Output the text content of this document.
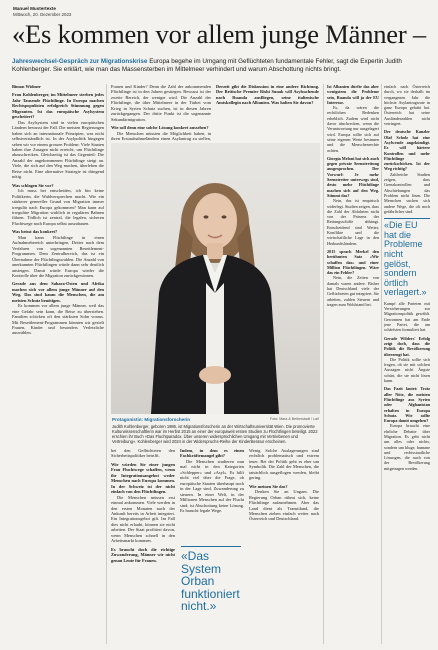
Manuel Mustertexte
Mittwoch, 20. Dezember 2023
«Es kommen vor allem junge Männer –
Jahreswechsel-Gespräch zur Migrationskrise Europa begehe im Umgang mit Geflüchteten fundamentale Fehler, sagt die Expertin Judith Kohlenberger. Sie erklärt, wie man das Massensterben im Mittelmeer verhindert und warum Abschottung nichts bringt.
Bimon Widmer

Frau Kohlenberger, im Mittelmeer sterben jedes Jahr Tausende Flüchtlinge. In Europa machen Rechtspopulisten erfolgreich Stimmung gegen Migranten. Ist das europäische Asylsystem gescheitert?

Das Asylsystem sind in vielen europäischen Ländern bewusst der Fall. Die meisten Regierungen haben sich an internationale Prinzipien, was nicht selbstverständlich ist. In der Asylpolitik hingegen sehen wir vor einem grossen Problem: Viele Staaten haben ihre Zusagen nicht erreicht, um Flüchtlinge abzuschrecken. Gleichzeitig ist das Gegenteil: Die Anzahl der angekommenen Flüchtlinge steigt an. Viele, die sich auf den Weg machen, überleben die Reise nicht. Eine alternative Strategie ist dringend nötig.

Was schlagen Sie vor?

Ich muss bei entscheiden, ich bin keine Politikerin, die Wahlversprechen macht. Wie ein stärkerer genereller Grund von Migration immer irregulär nach Europa gekommen? Man kann auf irreguläre Migration wirklich in regulären Bahnen führen. Tödlich ist zentral, die legalen, sicheren Fluchtwege nach Europa selbst auszubauen.

Was heisst das konkret?

Man kann Flüchtlinge in einen Aufnahmebereich unterbringen, Dritter nach dem Verfahren von sogenannten Resettlement-Programmen. Dem Zentralbereich, das ist ein Übernahme der Flüchtlingswahlen. Die Anzahl von anerkannten Flüchtlingen würde dann sehr deutlich ansteigen. Damit würde Europa wieder die Kontrolle über die Migration zurückgewinnen.

Gerade aus dem Sahara-Osten und Afrika machen sich vor allem junge Männer auf den Weg. Das sind kaum die Menschen, die am meisten Schutz benötigen.

Es kommen vor allem junge Männer, weil das eine Gefahr sein kann, die Reise zu überstehen. Familien schicken oft den stärksten Sohn voraus. Mit Resettlement-Programmen könnten wir gezielt Frauen, Kinder und besonders Verletzliche auswählen.

Frauen und Kinder? Denn die Zahl der ankommenden Flüchtlinge ist in den Jahren gestiegen. Bewusst ist der zweite Bereich, der weniger wird. Die Anzahl der Flüchtlinge, die über Mittelmeer in der Türkei vom Krieg in Syrien Schutz suchen, ist in diesen Jahren zurückgegangen. Der dritte Punkt ist die sogenannte Sekundärmigration.

Wie soll denn eine solche Lösung konkret aussehen?

Die Menschen müssten die Möglichkeit haben, in ihren Erstaufnahmeländern einen Asylantrag zu stellen,

Derzeit gibt die Diskussion in eine andere Richtung. Der Britische Premier Rishi Sunak will Asylsuchende nach Ruanda ausfliegen, seine italienische Amtskollegin nach Albanien. Was halten Sie davon?

Protagonistin: Migrationsforscherin	Foto: Mara & Beiberstadt / Laif
Judith Kohlenberger, geboren 1986, ist Migrationsforscherin an der Wirtschaftsuniversität Wien. Die promovierte Kulturwissenschaftlerin war im Herbst 2015 an einer der europaweit ersten Studien zu Flüchtlingen beteiligt. 2022 erschien ihr Buch «Das Fluchtparadox. Über unseren widersprüchlichen Umgang mit Vertriebenen und Vertreibung». Kohlenberger wird 2024 in der Widerspruchs-Reihe der Kinderliteratur erscheinen.

bei den Geflüchteten den Sicherheitspolitiker betrifft.

Wie würden Sie einer jungen Frau Fluchtwege schaffen, wenn ihr Integrationsangebot weder Menschen nach Europa kommen. In der Schweiz ist der nicht einfach von den Flüchtlingen.

Die Menschen müssen erst einmal ankommen. Viele werden in den ersten Monaten nach der Ankunft bereits in Arbeit integriert. Ein Integrationsgebot gilt. Im Fall dies nicht erlaubt, können sie nicht arbeiten. Der Staat profitiert davon, wenn Menschen schnell in den Arbeitsmarkt kommen.

Es braucht doch die richtige Zuwanderung, Männer wir nicht genau Leute für Frauen.

Indem, in dem es einen Fachkräftemangel gibt?

Die Menschen studieren nun mal nicht in den Kategorien «Schlepper» und «Asyl». Es hilft nicht viel über die Frage, ob europäische Staaten überhaupt noch in der Lage sind, Zuwanderung zu steuern. In einer Welt, in der Millionen Menschen auf der Flucht sind, ist Abschottung keine Lösung. Es braucht legale Wege.

«Das System Orban funktioniert nicht.»

Wenig. Solche Auslagerungen sind rechtlich problematisch und extrem teuer. Bei der Politik geht es eher um Symbolik. Die Zahl der Menschen, die tatsächlich ausgeflogen werden, bleibt gering.

Wie meinen Sie das?

Denken Sie an Ungarn. Die Regierung Orban rühmt sich, keine Flüchtlinge aufzunehmen. Aber das Land dient als Transitland, die Menschen ziehen einfach weiter nach Österreich und Deutschland.

Ist Albanien dürfte das aber wenigstens die Probleme sein, Ruanda will ja der EU Interesse.

Es, da wären die rechtlichen Bedenken erheblich. Zudem wird nicht davor abschrecken, wenn die Verantwortung nur ausgelagert wird. Europa sollte sich auf seine eigenen Werte besinnen und die Menschenrechte achten.

Giorgia Meloni hat sich auch gegen private Seenotrettung ausgesprochen. Der Vorwurf: Je mehr Seenotretter unterwegs sind, desto mehr Flüchtlinge machen sich auf den Weg. Stimmt das?

Nein, das ist empirisch widerlegt. Studien zeigen, dass die Zahl der Abfahrten nicht von der Präsenz der Rettungsschiffe abhängt. Entscheidend sind Wetter, Konflikte und die wirtschaftliche Lage in den Herkunftsländern.

2015 sprach Merkel den berühmten Satz «Wir schaffen das» und einer Million Flüchtlingen. Wäre das ein Fehler?

Nein, die Zeiten von damals waren andere. Bisher hat Deutschland viele der Geflüchteten gut integriert. Sie arbeiten, zahlen Steuern und tragen zum Wohlstand bei.

einfach nach Österreich durch, wo sie deshalb im vergangenen Jahr die höchste Asylantragsrate in ganz Europa gehabt hat. Österreich hat seine Ausländerzahlen nicht verringert.

Der deutsche Kanzler Olaf Scholz hat eine Asylwende angekündigt. Es will härtere Kontrollen und mehr Flüchtlinge zurückschicken. Ist der Weg richtig?

Zahlreiche Studien zeigen, dass Grenzkontrollen und Abschiebungen das Problem nicht lösen. Die Menschen suchen sich andere Wege, die oft noch gefährlicher sind.

«Die EU hat die Probleme nicht gelöst, sondern örtlich verlagert.»

Kampf alle Parteien mit Versicherungen zur Migrationspolitik gewählt. Gewonnen hat am Ende jene Partei, die am schärfsten formuliert hat.

Gerade Wilders' Erfolg zeigt doch, dass die Politik die Bevölkerung überzeugt hat.

Die Politik sollte sich fragen, ob sie mit solchen Aussagen nicht Ängste schürt, die sie nicht lösen kann.

Das Fazit lautet: Trotz aller Nöte, die meisten Flüchtlinge aus Syrien oder Afghanistan erhalten in Europa Schutz. Wie sollte Europa damit umgehen?

Europa braucht eine ehrliche Debatte über Migration. Es geht nicht um alles oder nichts, sondern um kluge, humane und rechtsstaatliche Lösungen, die auch von der Bevölkerung mitgetragen werden.
